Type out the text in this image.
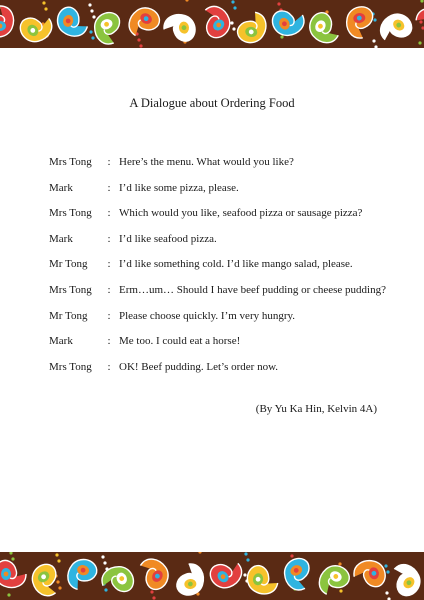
A Dialogue about Ordering Food
Mrs Tong	: Here’s the menu. What would you like?
Mark	: I’d like some pizza, please.
Mrs Tong	: Which would you like, seafood pizza or sausage pizza?
Mark	: I’d like seafood pizza.
Mr Tong	: I’d like something cold. I’d like mango salad, please.
Mrs Tong	: Erm…um… Should I have beef pudding or cheese pudding?
Mr Tong	: Please choose quickly. I’m very hungry.
Mark	: Me too. I could eat a horse!
Mrs Tong	: OK! Beef pudding. Let’s order now.
(By Yu Ka Hin, Kelvin 4A)
